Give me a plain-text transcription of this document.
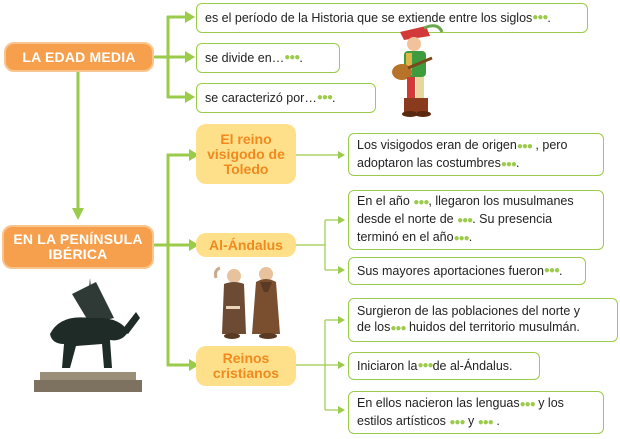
LA EDAD MEDIA
es el período de la Historia que se extiende entre los siglos ●●● .
se divide en… ●●● .
se caracterizó por… ●●● .
EN LA PENÍNSULA IBÉRICA
El reino visigodo de Toledo
Al-Ándalus
Reinos cristianos
Los visigodos eran de origen●●● , pero
adoptaron las costumbres●●●.
En el año ●●●, llegaron los musulmanes
desde el norte de ●●●. Su presencia
terminó en el año●●●.
Sus mayores aportaciones fueron ●●● .
Surgieron de las poblaciones del norte y
de los●●● huidos del territorio musulmán.
Iniciaron la ●●● de al-Ándalus.
En ellos nacieron las lenguas●●● y los
estilos artísticos ●●● y ●●● .
